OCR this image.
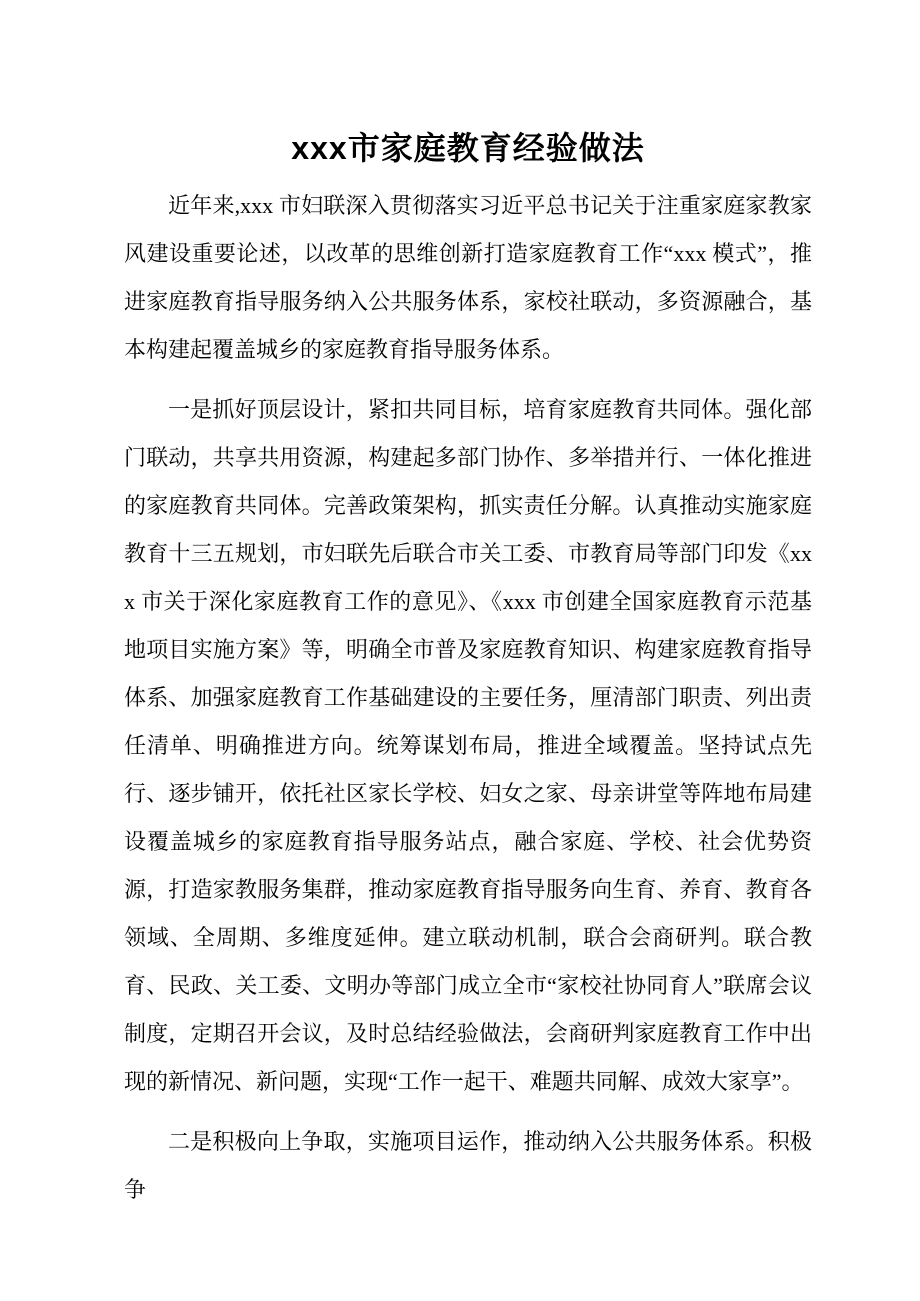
xxx市家庭教育经验做法

近年来,xxx 市妇联深入贯彻落实习近平总书记关于注重家庭家教家风建设重要论述，以改革的思维创新打造家庭教育工作“xxx 模式”，推进家庭教育指导服务纳入公共服务体系，家校社联动，多资源融合，基本构建起覆盖城乡的家庭教育指导服务体系。

一是抓好顶层设计，紧扣共同目标，培育家庭教育共同体。强化部门联动，共享共用资源，构建起多部门协作、多举措并行、一体化推进的家庭教育共同体。完善政策架构，抓实责任分解。认真推动实施家庭教育十三五规划，市妇联先后联合市关工委、市教育局等部门印发《xxx 市关于深化家庭教育工作的意见》、《xxx 市创建全国家庭教育示范基地项目实施方案》等，明确全市普及家庭教育知识、构建家庭教育指导体系、加强家庭教育工作基础建设的主要任务，厘清部门职责、列出责任清单、明确推进方向。统筹谋划布局，推进全域覆盖。坚持试点先行、逐步铺开，依托社区家长学校、妇女之家、母亲讲堂等阵地布局建设覆盖城乡的家庭教育指导服务站点，融合家庭、学校、社会优势资源，打造家教服务集群，推动家庭教育指导服务向生育、养育、教育各领域、全周期、多维度延伸。建立联动机制，联合会商研判。联合教育、民政、关工委、文明办等部门成立全市“家校社协同育人”联席会议制度，定期召开会议，及时总结经验做法，会商研判家庭教育工作中出现的新情况、新问题，实现“工作一起干、难题共同解、成效大家享”。

二是积极向上争取，实施项目运作，推动纳入公共服务体系。积极争
